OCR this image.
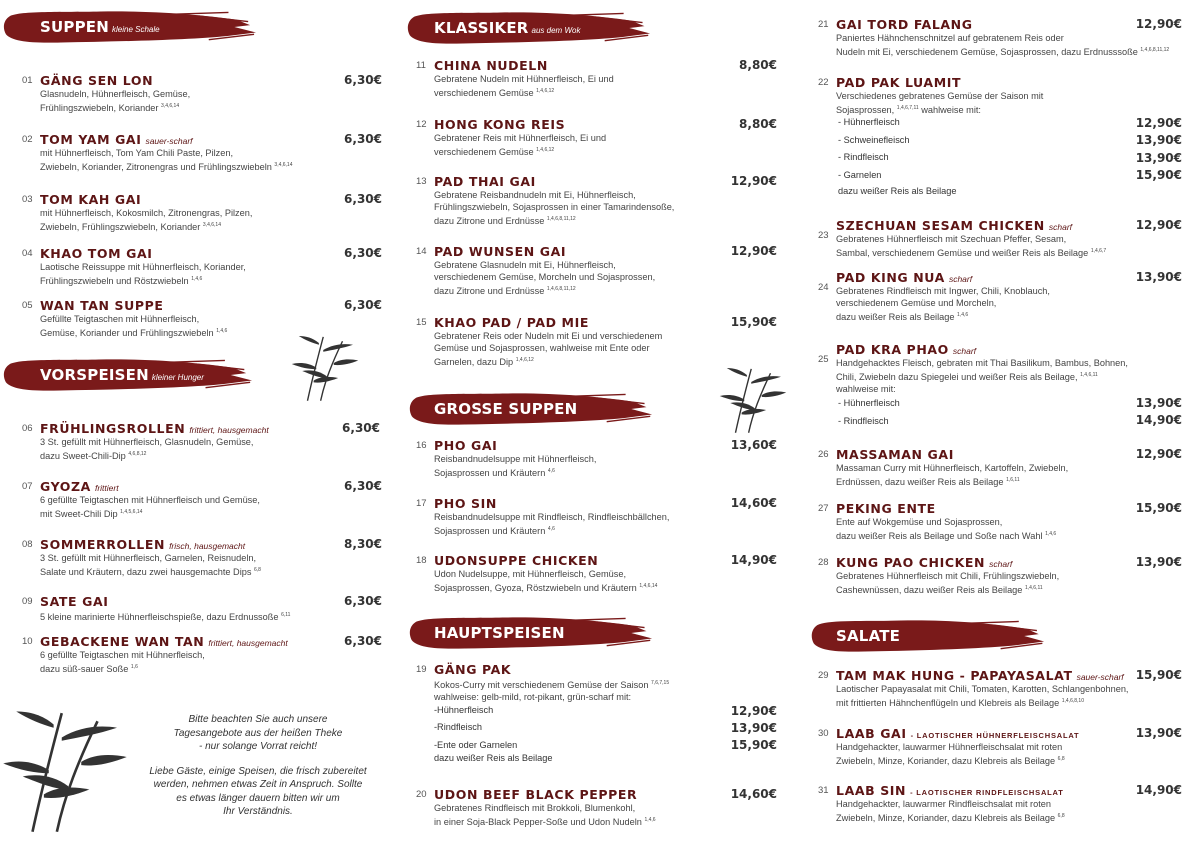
SUPPEN kleine Schale
01 GÄNG SEN LON
Glasnudeln, Hühnerfleisch, Gemüse,
Frühlingszwiebeln, Koriander $^{3,4,6,14}$
6,30€
02 TOM YAM GAI sauer-scharf
mit Hühnerfleisch, Tom Yam Chili Paste, Pilzen,
Zwiebeln, Koriander, Zitronengras und Frühlingszwiebeln $^{3,4,6,14}$
6,30€
03 TOM KAH GAI
mit Hühnerfleisch, Kokosmilch, Zitronengras, Pilzen,
Zwiebeln, Frühlingszwiebeln, Koriander $^{3,4,6,14}$
6,30€
04 KHAO TOM GAI
Laotische Reissuppe mit Hühnerfleisch, Koriander,
Frühlingszwiebeln und Röstzwiebeln $^{1,4,6}$
6,30€
05 WAN TAN SUPPE
Gefüllte Teigtaschen mit Hühnerfleisch,
Gemüse, Koriander und Frühlingszwiebeln $^{1,4,6}$
6,30€
VORSPEISEN kleiner Hunger
06 FRÜHLINGSROLLEN frittiert, hausgemacht
3 St. gefüllt mit Hühnerfleisch, Glasnudeln, Gemüse,
dazu Sweet-Chili-Dip $^{4,6,8,12}$
6,30€
07 GYOZA frittiert
6 gefüllte Teigtaschen mit Hühnerfleisch und Gemüse,
mit Sweet-Chili Dip $^{1,4,5,6,14}$
6,30€
08 SOMMERROLLEN frisch, hausgemacht
3 St. gefüllt mit Hühnerfleisch, Garnelen, Reisnudeln,
Salate und Kräutern, dazu zwei hausgemachte Dips $^{6,8}$
8,30€
09 SATE GAI
5 kleine marinierte Hühnerfleischspieße, dazu Erdnussoße $^{6,11}$
6,30€
10 GEBACKENE WAN TAN frittiert, hausgemacht
6 gefüllte Teigtaschen mit Hühnerfleisch,
dazu süß-sauer Soße $^{1,6}$
6,30€
Bitte beachten Sie auch unsere
Tagesangebote aus der heißen Theke
- nur solange Vorrat reicht!
Liebe Gäste, einige Speisen, die frisch zubereitet
werden, nehmen etwas Zeit in Anspruch. Sollte
es etwas länger dauern bitten wir um
Ihr Verständnis.
KLASSIKER aus dem Wok
11 CHINA NUDELN
Gebratene Nudeln mit Hühnerfleisch, Ei und
verschiedenem Gemüse $^{1,4,6,12}$
8,80€
12 HONG KONG REIS
Gebratener Reis mit Hühnerfleisch, Ei und
verschiedenem Gemüse $^{1,4,6,12}$
8,80€
13 PAD THAI GAI
Gebratene Reisbandnudeln mit Ei, Hühnerfleisch,
Frühlingszwiebeln, Sojasprossen in einer Tamarindensoße,
dazu Zitrone und Erdnüsse $^{1,4,6,8,11,12}$
12,90€
14 PAD WUNSEN GAI
Gebratene Glasnudeln mit Ei, Hühnerfleisch,
verschiedenem Gemüse, Morcheln und Sojasprossen,
dazu Zitrone und Erdnüsse $^{1,4,6,8,11,12}$
12,90€
15 KHAO PAD / PAD MIE
Gebratener Reis oder Nudeln mit Ei und verschiedenem
Gemüse und Sojasprossen, wahlweise mit Ente oder
Garnelen, dazu Dip $^{1,4,6,12}$
15,90€
GROSSE SUPPEN
16 PHO GAI
Reisbandnudelsuppe mit Hühnerfleisch,
Sojasprossen und Kräutern $^{4,6}$
13,60€
17 PHO SIN
Reisbandnudelsuppe mit Rindfleisch, Rindfleischbällchen,
Sojasprossen und Kräutern $^{4,6}$
14,60€
18 UDONSUPPE CHICKEN
Udon Nudelsuppe, mit Hühnerfleisch, Gemüse,
Sojasprossen, Gyoza, Röstzwiebeln und Kräutern $^{1,4,6,14}$
14,90€
HAUPTSPEISEN
19 GÄNG PAK
Kokos-Curry mit verschiedenem Gemüse der Saison $^{7,6,7,15}$
wahlweise: gelb-mild, rot-pikant, grün-scharf mit:
-Hühnerfleisch	12,90€
-Rindfleisch	13,90€
-Ente oder Garnelen	15,90€
dazu weißer Reis als Beilage
20 UDON BEEF BLACK PEPPER
Gebratenes Rindfleisch mit Brokkoli, Blumenkohl,
in einer Soja-Black Pepper-Soße und Udon Nudeln $^{1,4,6}$
14,60€
21 GAI TORD FALANG
Paniertes Hähnchenschnitzel auf gebratenem Reis oder
Nudeln mit Ei, verschiedenem Gemüse, Sojasprossen, dazu Erdnusssoße $^{1,4,6,8,11,12}$
12,90€
22 PAD PAK LUAMIT
Verschiedenes gebratenes Gemüse der Saison mit
Sojasprossen, $^{1,4,6,7,11}$ wahlweise mit:
- Hühnerfleisch	12,90€
- Schweinefleisch	13,90€
- Rindfleisch	13,90€
- Garnelen	15,90€
dazu weißer Reis als Beilage
23
SZECHUAN SESAM CHICKEN scharf
Gebratenes Hühnerfleisch mit Szechuan Pfeffer, Sesam,
Sambal, verschiedenem Gemüse und weißer Reis als Beilage $^{1,4,6,7}$
12,90€
24
PAD KING NUA scharf
Gebratenes Rindfleisch mit Ingwer, Chili, Knoblauch,
verschiedenem Gemüse und Morcheln,
dazu weißer Reis als Beilage $^{1,4,6}$
13,90€
25
PAD KRA PHAO scharf
Handgehacktes Fleisch, gebraten mit Thai Basilikum, Bambus, Bohnen,
Chili, Zwiebeln dazu Spiegelei und weißer Reis als Beilage, $^{1,4,6,11}$
wahlweise mit:
- Hühnerfleisch	13,90€
- Rindfleisch	14,90€
26 MASSAMAN GAI
Massaman Curry mit Hühnerfleisch, Kartoffeln, Zwiebeln,
Erdnüssen, dazu weißer Reis als Beilage $^{1,6,11}$
12,90€
27 PEKING ENTE
Ente auf Wokgemüse und Sojasprossen,
dazu weißer Reis als Beilage und Soße nach Wahl $^{1,4,6}$
15,90€
28 KUNG PAO CHICKEN scharf
Gebratenes Hühnerfleisch mit Chili, Frühlingszwiebeln,
Cashewnüssen, dazu weißer Reis als Beilage $^{1,4,6,11}$
13,90€
SALATE
29 TAM MAK HUNG - PAPAYASALAT sauer-scharf
Laotischer Papayasalat mit Chili, Tomaten, Karotten, Schlangenbohnen,
mit frittierten Hähnchenflügeln und Klebreis als Beilage $^{1,4,6,8,10}$
15,90€
30 LAAB GAI - LAOTISCHER HÜHNERFLEISCHSALAT
Handgehackter, lauwarmer Hühnerfleischsalat mit roten
Zwiebeln, Minze, Koriander, dazu Klebreis als Beilage $^{6,8}$
13,90€
31 LAAB SIN - LAOTISCHER RINDFLEISCHSALAT
Handgehackter, lauwarmer Rindfleischsalat mit roten
Zwiebeln, Minze, Koriander, dazu Klebreis als Beilage $^{6,8}$
14,90€
